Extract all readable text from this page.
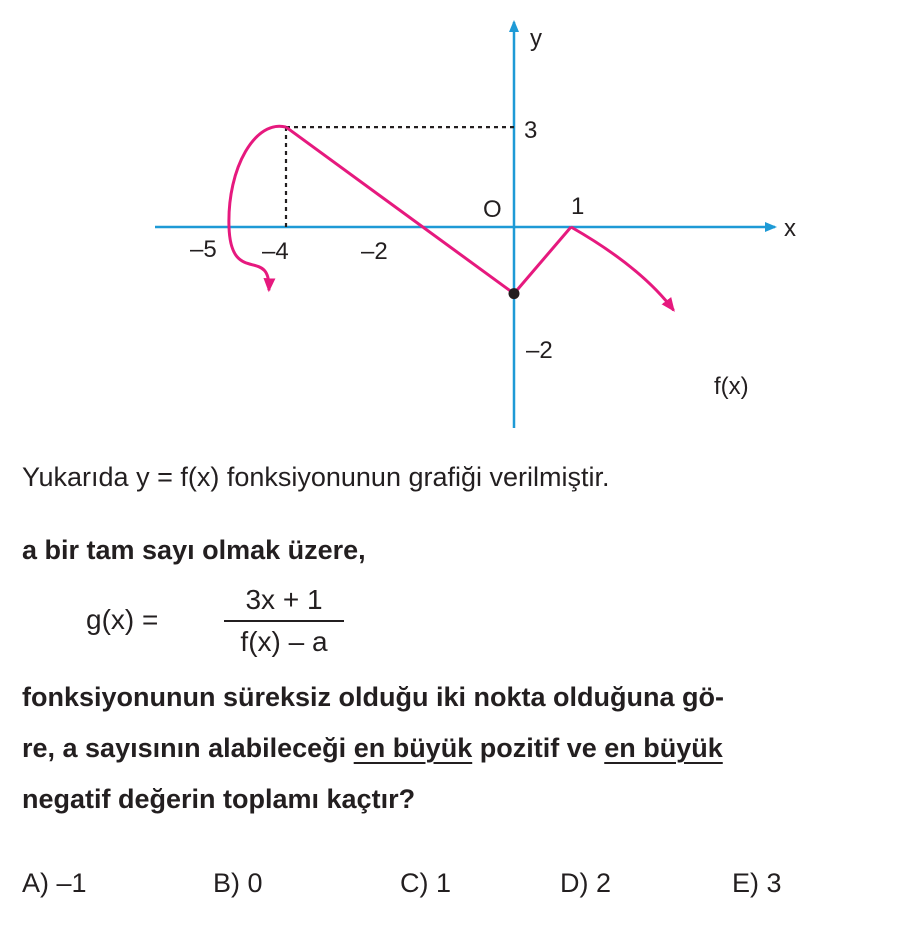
y
x
O
f(x)
–5 –4	–2
1
3
–2
Yukarıda y = f(x) fonksiyonunun grafiği verilmiştir.
a bir tam sayı olmak üzere,
g(x) =
3x + 1
f(x) – a
fonksiyonunun süreksiz olduğu iki nokta olduğuna gö-
re, a sayısının alabileceği en büyük pozitif ve en büyük
negatif değerin toplamı kaçtır?
A) –1	B) 0	C) 1	D) 2	E) 3
